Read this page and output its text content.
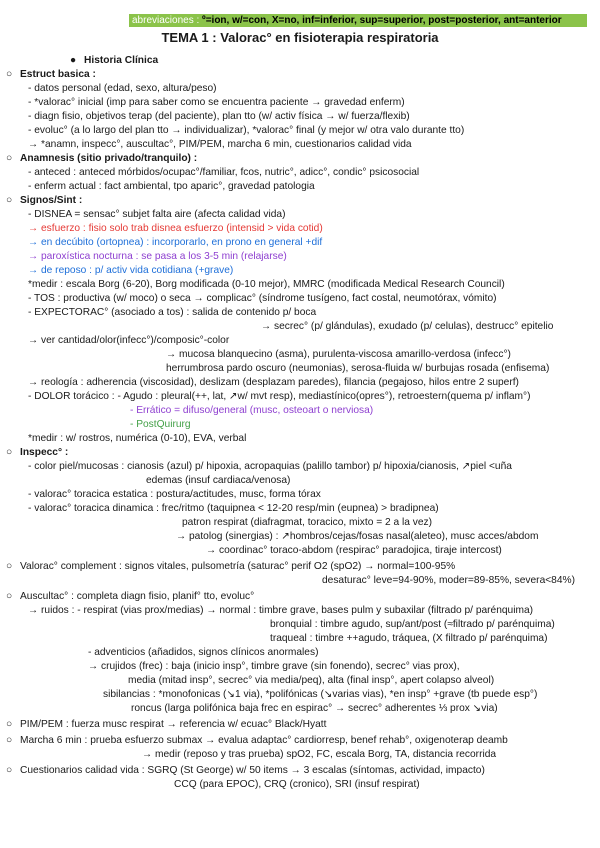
abreviaciones : º=ion, w/=con, X=no, inf=inferior, sup=superior, post=posterior, ant=anterior
TEMA 1 : Valorac° en fisioterapia respiratoria
● Historia Clínica
○ Estruct basica :
- datos personal (edad, sexo, altura/peso)
- *valorac° inicial (imp para saber como se encuentra paciente → gravedad enferm)
- diagn fisio, objetivos terap (del paciente), plan tto (w/ activ física → w/ fuerza/flexib)
- evoluc° (a lo largo del plan tto → individualizar), *valorac° final (y mejor w/ otra valo durante tto)
→ *anamn, inspecc°, auscultac°, PIM/PEM, marcha 6 min, cuestionarios calidad vida
○ Anamnesis (sitio privado/tranquilo) :
- anteced : anteced mórbidos/ocupac°/familiar, fcos, nutric°, adicc°, condic° psicosocial
- enferm actual : fact ambiental, tpo aparic°, gravedad patologia
○ Signos/Sint :
- DISNEA = sensac° subjet falta aire (afecta calidad vida)
→ esfuerzo : fisio solo trab disnea esfuerzo (intensid > vida cotid)
→ en decúbito (ortopnea) : incorporarlo, en prono en general +dif
→ paroxística nocturna : se pasa a los 3-5 min (relajarse)
→ de reposo : p/ activ vida cotidiana (+grave)
*medir : escala Borg (6-20), Borg modificada (0-10 mejor), MMRC (modificada Medical Research Council)
- TOS : productiva (w/ moco) o seca → complicac° (síndrome tusígeno, fact costal, neumotórax, vómito)
- EXPECTORAC° (asociado a tos) : salida de contenido p/ boca
→ secrec° (p/ glándulas), exudado (p/ celulas), destrucc° epitelio
→ ver cantidad/olor(infecc°)/composic°-color
→ mucosa blanquecino (asma), purulenta-viscosa amarillo-verdosa (infecc°)
herrumbrosa pardo oscuro (neumonias), serosa-fluida w/ burbujas rosada (enfisema)
→ reología : adherencia (viscosidad), deslizam (desplazam paredes), filancia (pegajoso, hilos entre 2 superf)
- DOLOR torácico : - Agudo : pleural(++, lat, ↗w/ mvt resp), mediastínico(opres°), retroestern(quema p/ inflam°)
- Errático = difuso/general (musc, osteoart o nerviosa)
- PostQuirurg
*medir : w/ rostros, numérica (0-10), EVA, verbal
○ Inspecc° :
- color piel/mucosas : cianosis (azul) p/ hipoxia, acropaquias (palillo tambor) p/ hipoxia/cianosis, ↗piel <uña
edemas (insuf cardiaca/venosa)
- valorac° toracica estatica : postura/actitudes, musc, forma tórax
- valorac° toracica dinamica : frec/ritmo (taquipnea < 12-20 resp/min (eupnea) > bradipnea)
patron respirat (diafragmat, toracico, mixto = 2 a la vez)
→ patolog (sinergias) : ↗hombros/cejas/fosas nasal(aleteo), musc acces/abdom
→ coordinac° toraco-abdom (respirac° paradojica, tiraje intercost)
○ Valorac° complement : signos vitales, pulsometría (saturac° perif O2 (spO2) → normal=100-95%
desaturac° leve=94-90%, moder=89-85%, severa<84%)
○ Auscultac° : completa diagn fisio, planif° tto, evoluc°
→ ruidos : - respirat (vias prox/medias) → normal : timbre grave, bases pulm y subaxilar (filtrado p/ parénquima)
bronquial : timbre agudo, sup/ant/post (≈filtrado p/ parénquima)
traqueal : timbre ++agudo, tráquea, (X filtrado p/ parénquima)
- adventicios (añadidos, signos clínicos anormales)
→ crujidos (frec) : baja (inicio insp°, timbre grave (sin fonendo), secrec° vias prox),
media (mitad insp°, secrec° via media/peq), alta (final insp°, apert colapso alveol)
sibilancias : *monofonicas (↘1 via), *polifónicas (↘varias vias), *en insp° +grave (tb puede esp°)
roncus (larga polifónica baja frec en espirac° → secrec° adherentes ⅓ prox ↘via)
○ PIM/PEM : fuerza musc respirat → referencia w/ ecuac° Black/Hyatt
○ Marcha 6 min : prueba esfuerzo submax → evalua adaptac° cardiorresp, benef rehab°, oxigenoterap deamb
→ medir (reposo y tras prueba) spO2, FC, escala Borg, TA, distancia recorrida
○ Cuestionarios calidad vida : SGRQ (St George) w/ 50 items → 3 escalas (síntomas, actividad, impacto)
CCQ (para EPOC), CRQ (cronico), SRI (insuf respirat)
